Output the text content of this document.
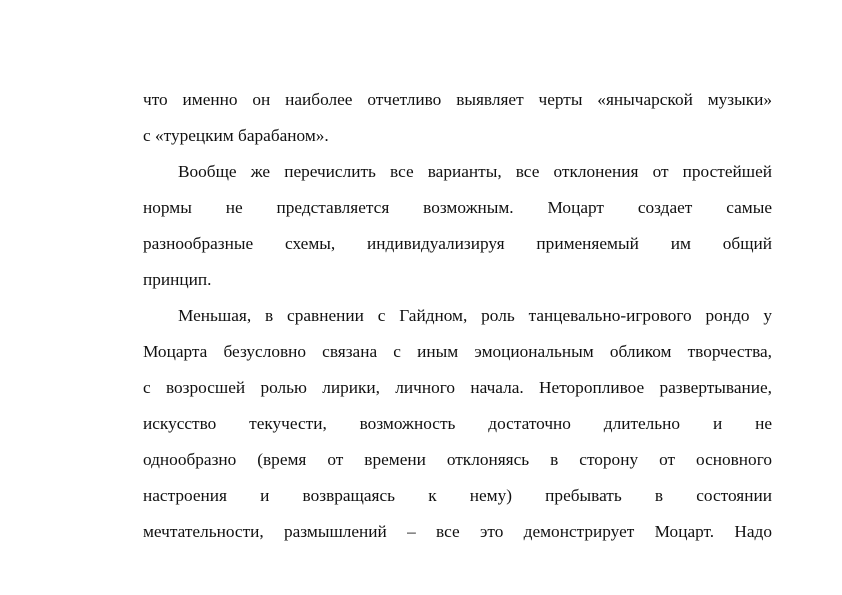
что именно он наиболее отчетливо выявляет черты «янычарской музыки»
с «турецким барабаном».
Вообще же перечислить все варианты, все отклонения от простейшей
нормы не представляется возможным. Моцарт создает самые
разнообразные схемы, индивидуализируя применяемый им общий
принцип.
Меньшая, в сравнении с Гайдном, роль танцевально-игрового рондо у
Моцарта безусловно связана с иным эмоциональным обликом творчества,
с возросшей ролью лирики, личного начала. Неторопливое развертывание,
искусство текучести, возможность достаточно длительно и не
однообразно (время от времени отклоняясь в сторону от основного
настроения и возвращаясь к нему) пребывать в состоянии
мечтательности, размышлений – все это демонстрирует Моцарт. Надо
